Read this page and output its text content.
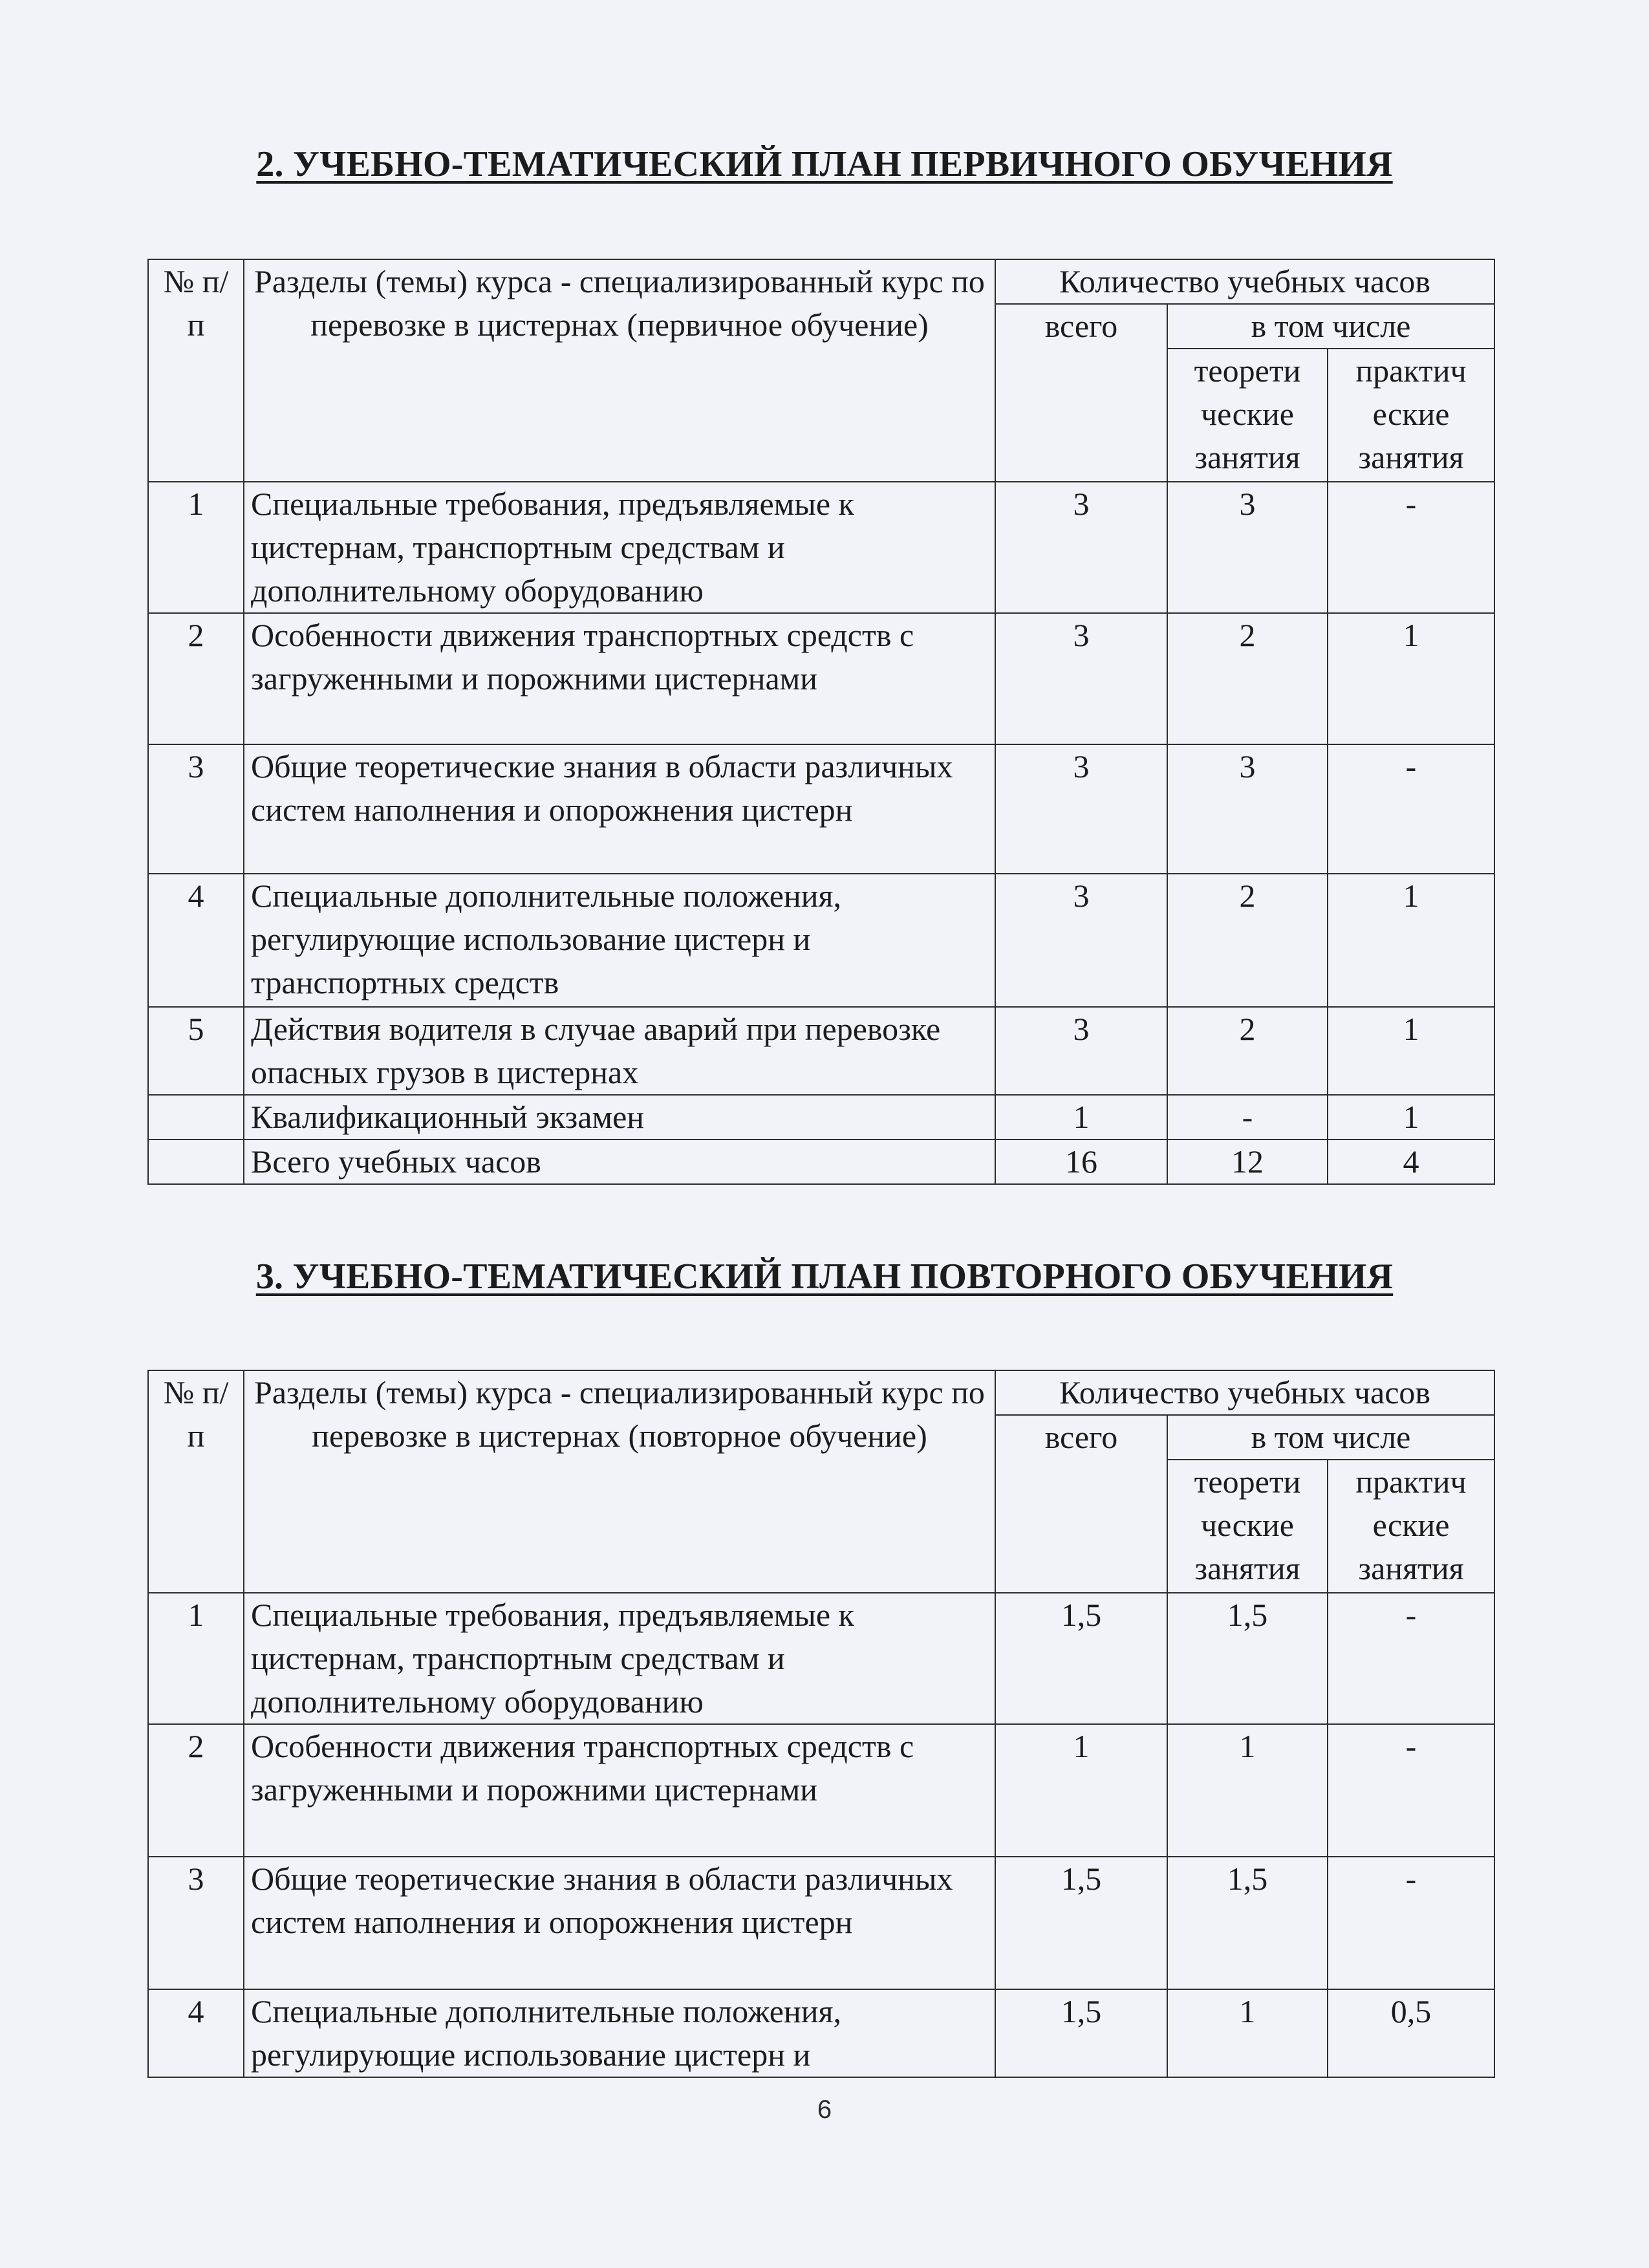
2. УЧЕБНО-ТЕМАТИЧЕСКИЙ ПЛАН ПЕРВИЧНОГО ОБУЧЕНИЯ
№ п/п	Разделы (темы) курса - специализированный курс по перевозке в цистернах (первичное обучение)	Количество учебных часов		
		всего	в том числе	
			теорети ческие занятия	практич еские занятия
1	Специальные требования, предъявляемые к цистернам, транспортным средствам и дополнительному оборудованию	3	3	-
2	Особенности движения транспортных средств с загруженными и порожними цистернами	3	2	1
3	Общие теоретические знания в области различных систем наполнения и опорожнения цистерн	3	3	-
4	Специальные дополнительные положения, регулирующие использование цистерн и транспортных средств	3	2	1
5	Действия водителя в случае аварий при перевозке опасных грузов в цистернах	3	2	1
	Квалификационный экзамен	1	-	1
	Всего учебных часов	16	12	4
3. УЧЕБНО-ТЕМАТИЧЕСКИЙ ПЛАН ПОВТОРНОГО ОБУЧЕНИЯ
№ п/п	Разделы (темы) курса - специализированный курс по перевозке в цистернах (повторное обучение)	Количество учебных часов		
		всего	в том числе	
			теорети ческие занятия	практич еские занятия
1	Специальные требования, предъявляемые к цистернам, транспортным средствам и дополнительному оборудованию	1,5	1,5	-
2	Особенности движения транспортных средств с загруженными и порожними цистернами	1	1	-
3	Общие теоретические знания в области различных систем наполнения и опорожнения цистерн	1,5	1,5	-
4	Специальные дополнительные положения, регулирующие использование цистерн и	1,5	1	0,5
6
